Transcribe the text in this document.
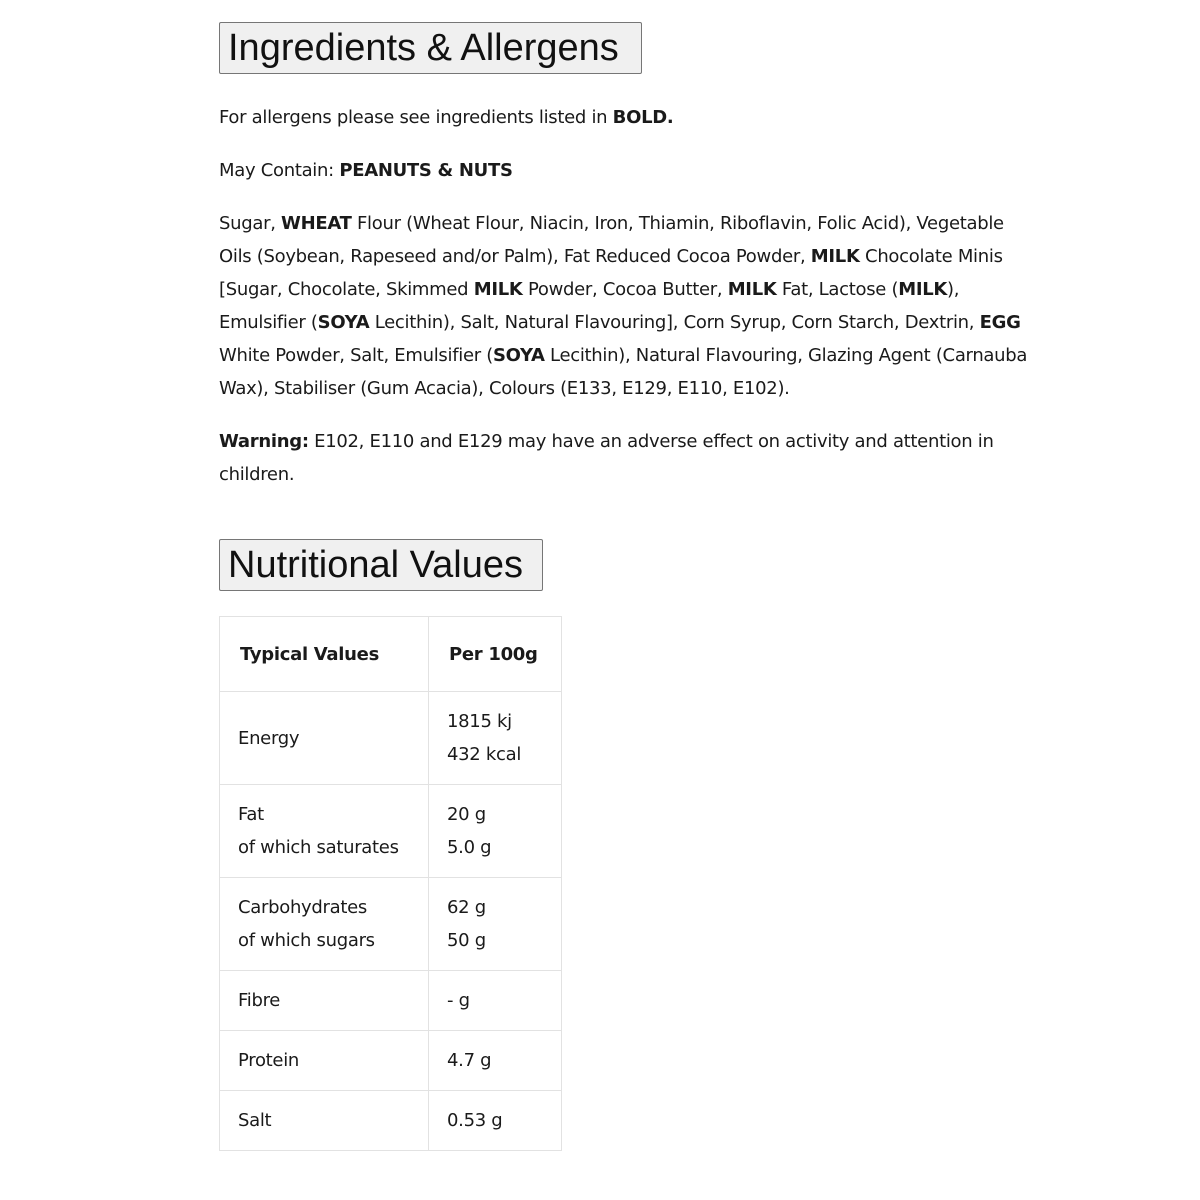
Ingredients & Allergens

For allergens please see ingredients listed in BOLD.

May Contain: PEANUTS & NUTS

Sugar, WHEAT Flour (Wheat Flour, Niacin, Iron, Thiamin, Riboflavin, Folic Acid), Vegetable Oils (Soybean, Rapeseed and/or Palm), Fat Reduced Cocoa Powder, MILK Chocolate Minis [Sugar, Chocolate, Skimmed MILK Powder, Cocoa Butter, MILK Fat, Lactose (MILK), Emulsifier (SOYA Lecithin), Salt, Natural Flavouring], Corn Syrup, Corn Starch, Dextrin, EGG White Powder, Salt, Emulsifier (SOYA Lecithin), Natural Flavouring, Glazing Agent (Carnauba Wax), Stabiliser (Gum Acacia), Colours (E133, E129, E110, E102).

Warning: E102, E110 and E129 may have an adverse effect on activity and attention in children.

Nutritional Values
Typical Values	Per 100g

Energy	1815 kj
432 kcal

Fat
of which saturates	20 g
5.0 g

Carbohydrates
of which sugars	62 g
50 g

Fibre	- g

Protein	4.7 g

Salt	0.53 g
